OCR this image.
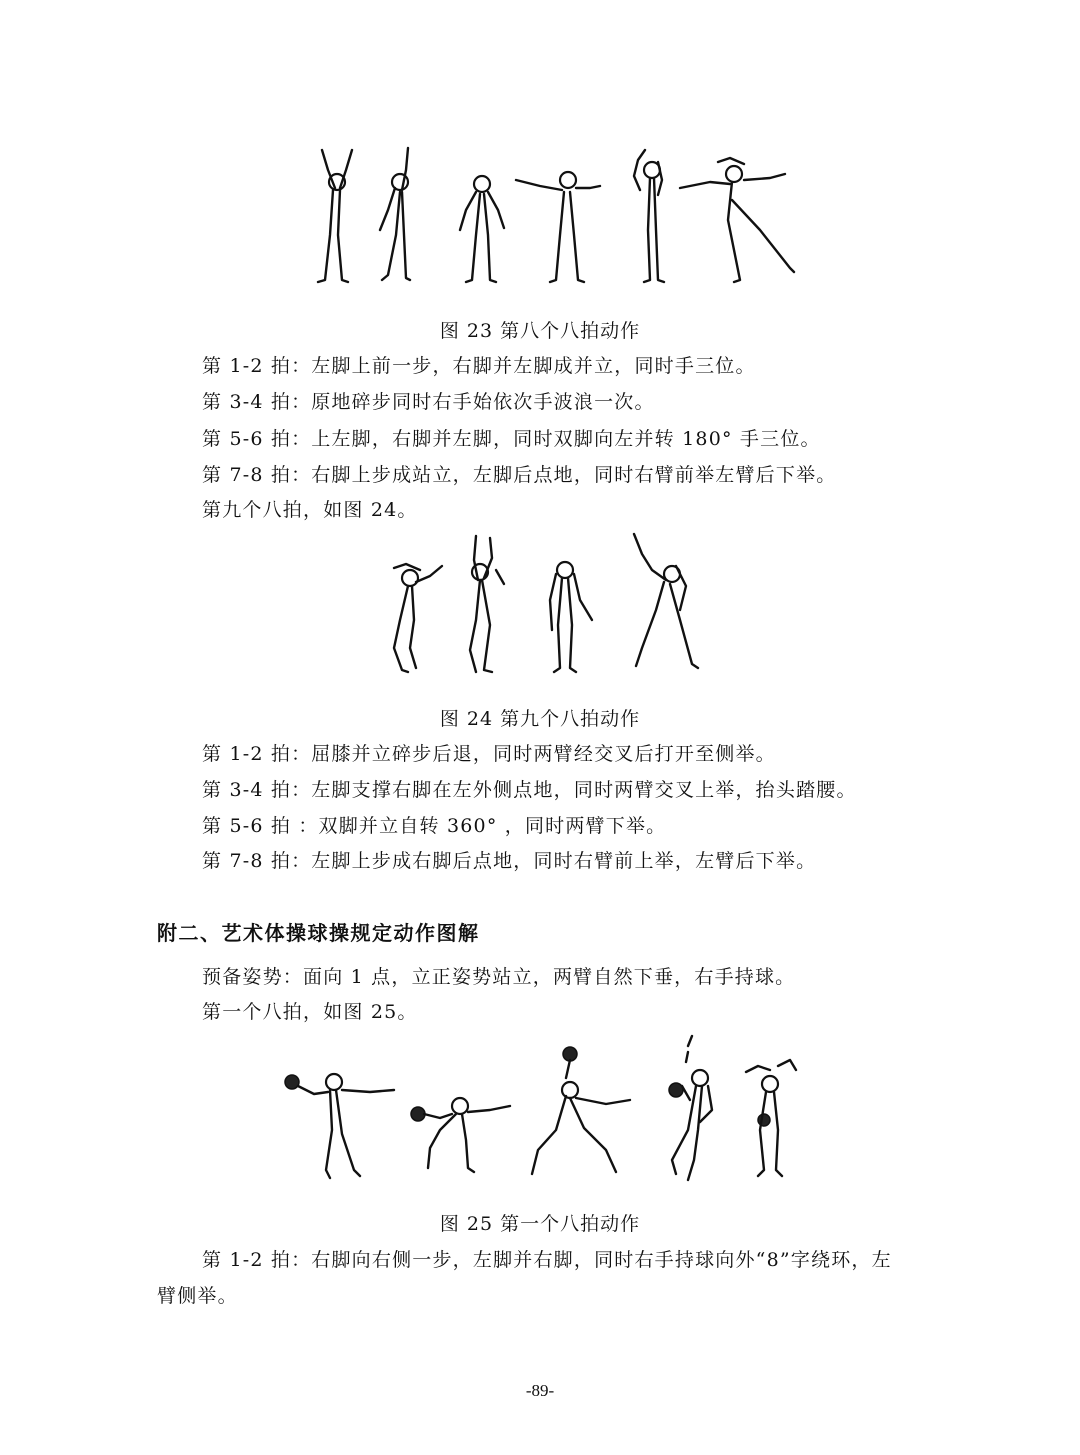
图 23 第八个八拍动作
第 1-2 拍：左脚上前一步，右脚并左脚成并立，同时手三位。
第 3-4 拍：原地碎步同时右手始依次手波浪一次。
第 5-6 拍：上左脚，右脚并左脚，同时双脚向左并转 180° 手三位。
第 7-8 拍：右脚上步成站立，左脚后点地，同时右臂前举左臂后下举。
第九个八拍，如图 24。
图 24 第九个八拍动作
第 1-2 拍：屈膝并立碎步后退，同时两臂经交叉后打开至侧举。
第 3-4 拍：左脚支撑右脚在左外侧点地，同时两臂交叉上举，抬头踏腰。
第 5-6 拍 ：双脚并立自转 360° ，同时两臂下举。
第 7-8 拍：左脚上步成右脚后点地，同时右臂前上举，左臂后下举。
附二、艺术体操球操规定动作图解
预备姿势：面向 1 点，立正姿势站立，两臂自然下垂，右手持球。
第一个八拍，如图 25。
图 25 第一个八拍动作
第 1-2 拍：右脚向右侧一步，左脚并右脚，同时右手持球向外“8”字绕环，左
臂侧举。
-89-
